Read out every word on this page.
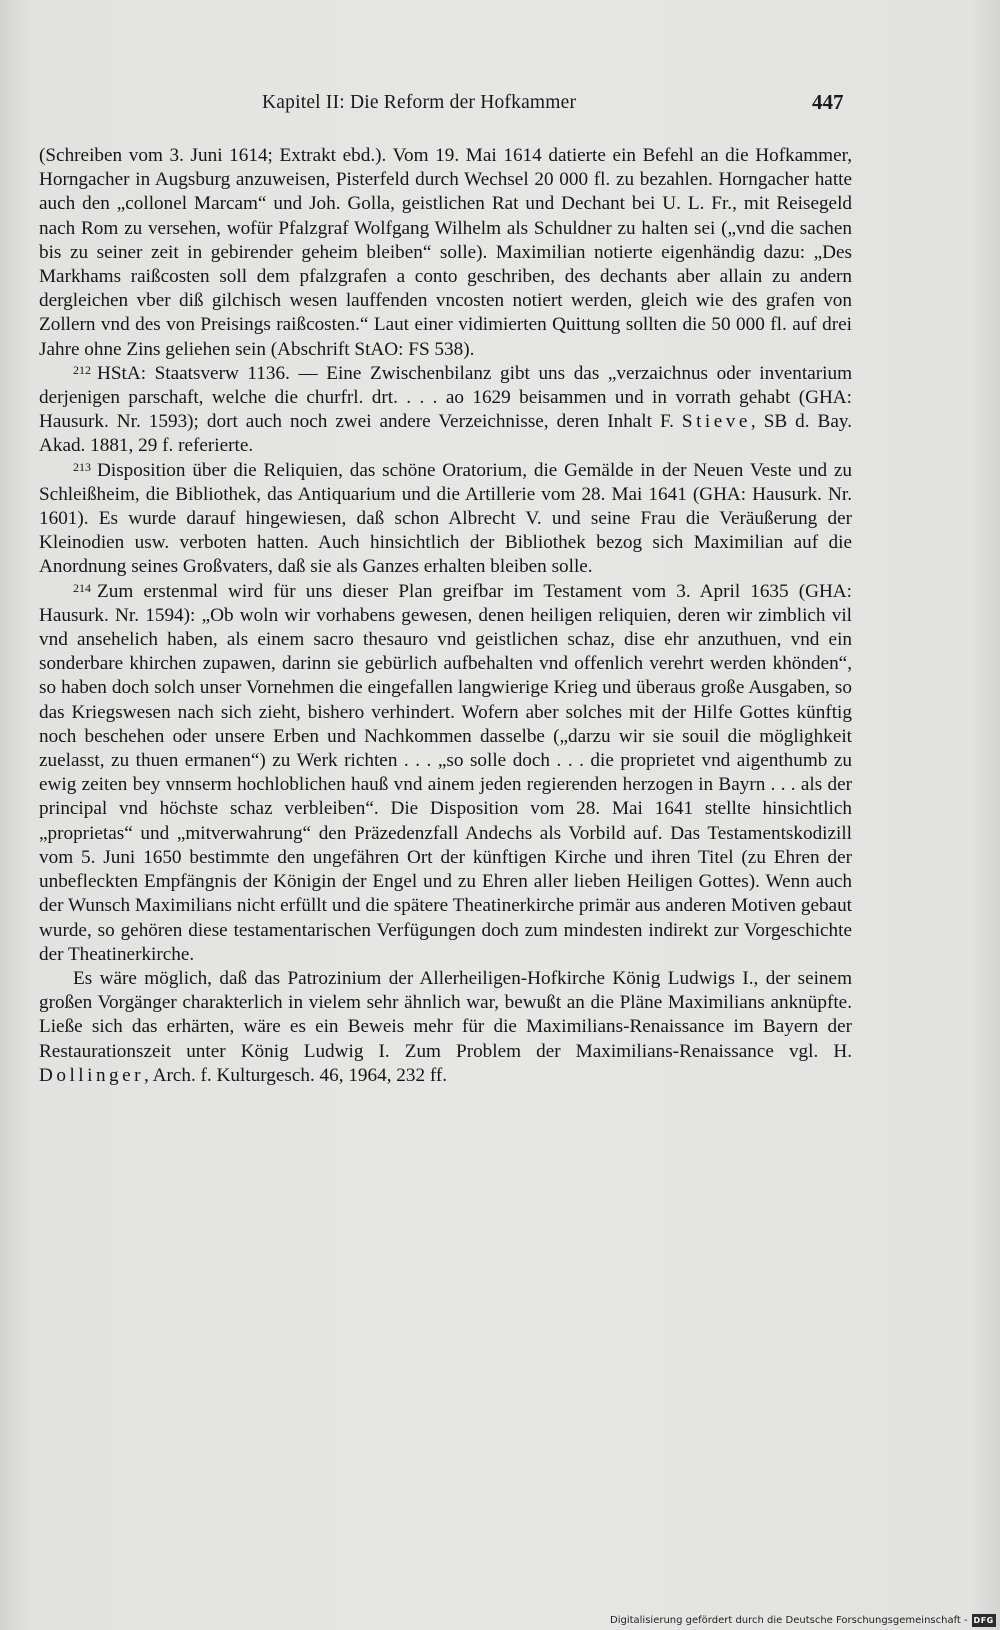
Kapitel II: Die Reform der Hofkammer	447

(Schreiben vom 3. Juni 1614; Extrakt ebd.). Vom 19. Mai 1614 datierte ein Befehl an die Hofkammer, Horngacher in Augsburg anzuweisen, Pisterfeld durch Wechsel 20 000 fl. zu bezahlen. Horngacher hatte auch den „collonel Marcam“ und Joh. Golla, geistlichen Rat und Dechant bei U. L. Fr., mit Reisegeld nach Rom zu versehen, wofür Pfalzgraf Wolfgang Wilhelm als Schuldner zu halten sei („vnd die sachen bis zu seiner zeit in gebirender geheim bleiben“ solle). Maximilian notierte eigenhändig dazu: „Des Markhams raißcosten soll dem pfalzgrafen a conto geschriben, des dechants aber allain zu andern dergleichen vber diß gilchisch wesen lauffenden vncosten notiert werden, gleich wie des grafen von Zollern vnd des von Preisings raißcosten.“ Laut einer vidimierten Quittung sollten die 50 000 fl. auf drei Jahre ohne Zins geliehen sein (Abschrift StAO: FS 538).

$^{212}$ HStA: Staatsverw 1136. — Eine Zwischenbilanz gibt uns das „verzaichnus oder inventarium derjenigen parschaft, welche die churfrl. drt. . . . ao 1629 beisammen und in vorrath gehabt (GHA: Hausurk. Nr. 1593); dort auch noch zwei andere Verzeichnisse, deren Inhalt F. Stieve, SB d. Bay. Akad. 1881, 29 f. referierte.

$^{213}$ Disposition über die Reliquien, das schöne Oratorium, die Gemälde in der Neuen Veste und zu Schleißheim, die Bibliothek, das Antiquarium und die Artillerie vom 28. Mai 1641 (GHA: Hausurk. Nr. 1601). Es wurde darauf hingewiesen, daß schon Albrecht V. und seine Frau die Veräußerung der Kleinodien usw. verboten hatten. Auch hinsichtlich der Bibliothek bezog sich Maximilian auf die Anordnung seines Großvaters, daß sie als Ganzes erhalten bleiben solle.

$^{214}$ Zum erstenmal wird für uns dieser Plan greifbar im Testament vom 3. April 1635 (GHA: Hausurk. Nr. 1594): „Ob woln wir vorhabens gewesen, denen heiligen reliquien, deren wir zimblich vil vnd ansehelich haben, als einem sacro thesauro vnd geistlichen schaz, dise ehr anzuthuen, vnd ein sonderbare khirchen zupawen, darinn sie gebürlich aufbehalten vnd offenlich verehrt werden khönden“, so haben doch solch unser Vornehmen die eingefallen langwierige Krieg und überaus große Ausgaben, so das Kriegswesen nach sich zieht, bishero verhindert. Wofern aber solches mit der Hilfe Gottes künftig noch beschehen oder unsere Erben und Nachkommen dasselbe („darzu wir sie souil die möglighkeit zuelasst, zu thuen ermanen“) zu Werk richten . . . „so solle doch . . . die proprietet vnd aigenthumb zu ewig zeiten bey vnnserm hochloblichen hauß vnd ainem jeden regierenden herzogen in Bayrn . . . als der principal vnd höchste schaz verbleiben“. Die Disposition vom 28. Mai 1641 stellte hinsichtlich „proprietas“ und „mitverwahrung“ den Präzedenzfall Andechs als Vorbild auf. Das Testamentskodizill vom 5. Juni 1650 bestimmte den ungefähren Ort der künftigen Kirche und ihren Titel (zu Ehren der unbefleckten Empfängnis der Königin der Engel und zu Ehren aller lieben Heiligen Gottes). Wenn auch der Wunsch Maximilians nicht erfüllt und die spätere Theatinerkirche primär aus anderen Motiven gebaut wurde, so gehören diese testamentarischen Verfügungen doch zum mindesten indirekt zur Vorgeschichte der Theatinerkirche.

Es wäre möglich, daß das Patrozinium der Allerheiligen-Hofkirche König Ludwigs I., der seinem großen Vorgänger charakterlich in vielem sehr ähnlich war, bewußt an die Pläne Maximilians anknüpfte. Ließe sich das erhärten, wäre es ein Beweis mehr für die Maximilians-Renaissance im Bayern der Restaurationszeit unter König Ludwig I. Zum Problem der Maximilians-Renaissance vgl. H. Dollinger, Arch. f. Kulturgesch. 46, 1964, 232 ff.

Digitalisierung gefördert durch die Deutsche Forschungsgemeinschaft - DFG
